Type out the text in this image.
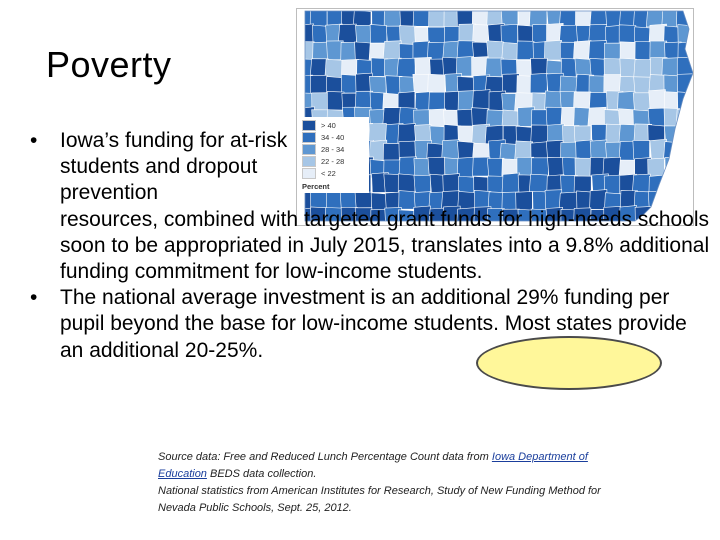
Poverty
> 40
34 - 40
28 - 34
22 - 28
< 22
Percent
• Iowa’s funding for at-risk students and dropout prevention
resources, combined with targeted grant funds for high-needs schools soon to be appropriated in July 2015, translates into a 9.8% additional funding commitment for low-income students.
• The national average investment is an additional 29% funding per pupil beyond the base for low-income students. Most states provide an additional 20-25%.
Source data: Free and Reduced Lunch Percentage Count data from Iowa Department of Education BEDS data collection.
National statistics from American Institutes for Research, Study of New Funding Method for Nevada Public Schools, Sept. 25, 2012.
